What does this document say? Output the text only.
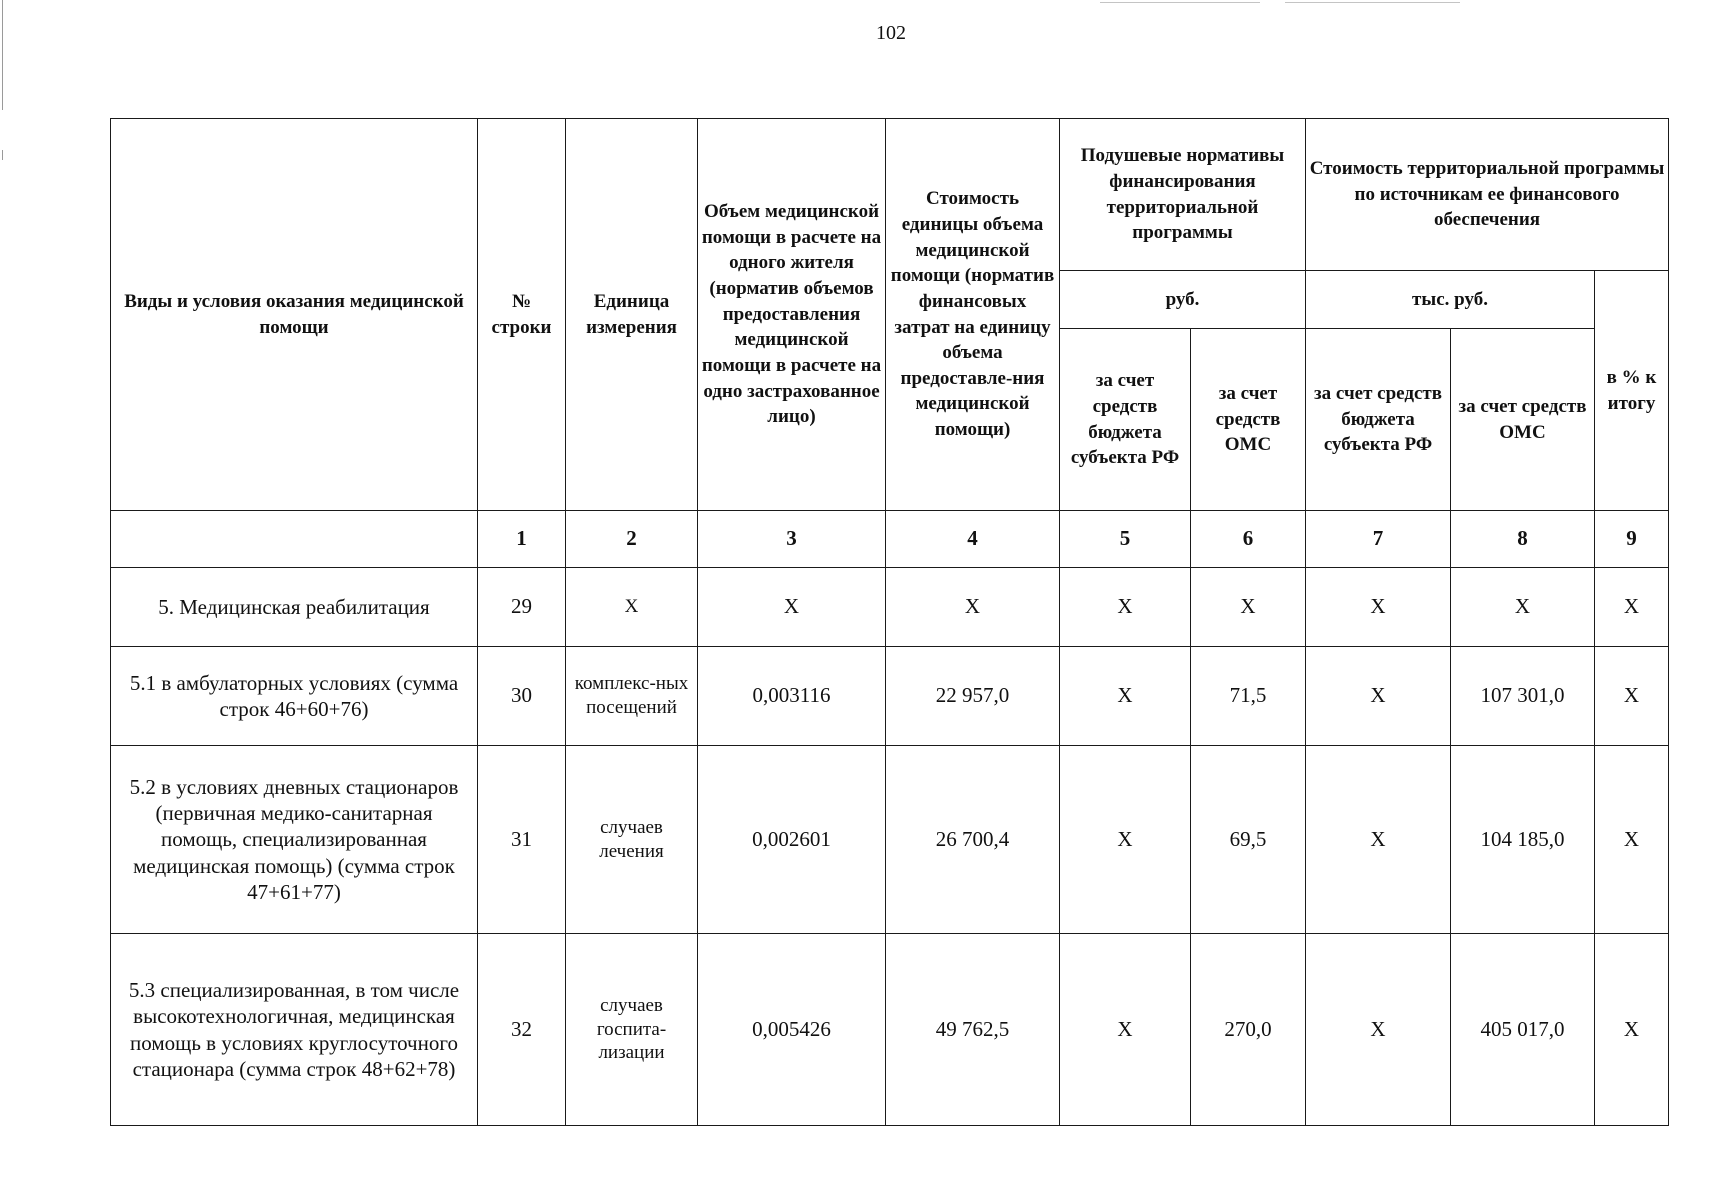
102
Виды и условия оказания медицинской помощи	№ строки	Единица измерения	Объем медицинской помощи в расчете на одного жителя (норматив объемов предоставления медицинской помощи в расчете на одно застрахованное лицо)	Стоимость единицы объема медицинской помощи (норматив финансовых затрат на единицу объема предоставле-ния медицинской помощи)	Подушевые нормативы финансирования территориальной программы		Стоимость территориальной программы по источникам ее финансового обеспечения		
					руб.		тыс. руб.		в % к итогу
					за счет средств бюджета субъекта РФ	за счет средств ОМС	за счет средств бюджета субъекта РФ	за счет средств ОМС	
	1	2	3	4	5	6	7	8	9
5. Медицинская реабилитация	29	X	X	X	X	X	X	X	X
5.1 в амбулаторных условиях (сумма строк 46+60+76)	30	комплекс-ных посещений	0,003116	22 957,0	X	71,5	X	107 301,0	X
5.2 в условиях дневных стационаров (первичная медико-санитарная помощь, специализированная медицинская помощь) (сумма строк 47+61+77)	31	случаев лечения	0,002601	26 700,4	X	69,5	X	104 185,0	X
5.3 специализированная, в том числе высокотехнологичная, медицинская помощь в условиях круглосуточного стационара (сумма строк 48+62+78)	32	случаев госпита-лизации	0,005426	49 762,5	X	270,0	X	405 017,0	X
